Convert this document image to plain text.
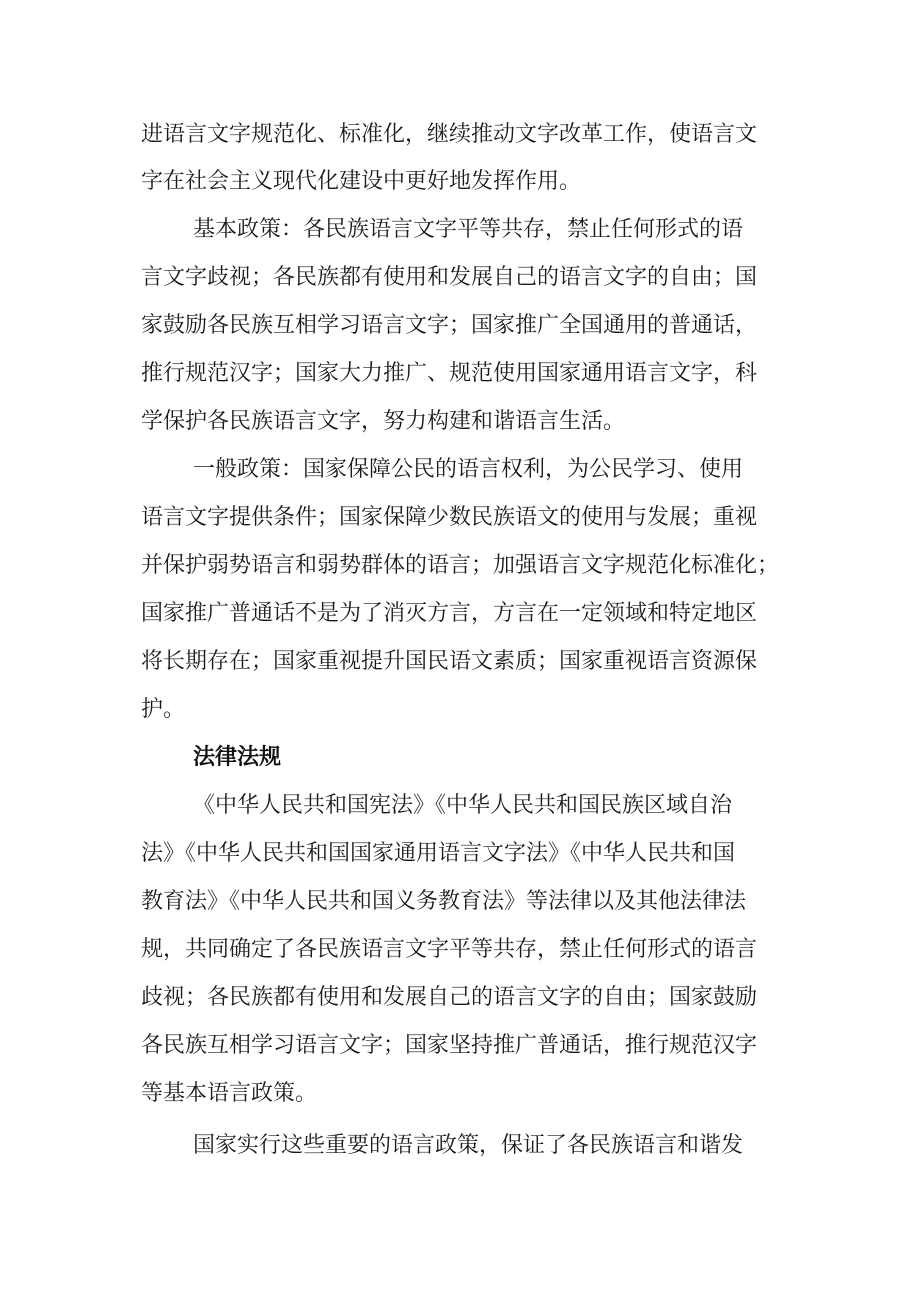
进语言文字规范化、标准化，继续推动文字改革工作，使语言文
字在社会主义现代化建设中更好地发挥作用。
基本政策：各民族语言文字平等共存，禁止任何形式的语
言文字歧视；各民族都有使用和发展自己的语言文字的自由；国
家鼓励各民族互相学习语言文字；国家推广全国通用的普通话，
推行规范汉字；国家大力推广、规范使用国家通用语言文字，科
学保护各民族语言文字，努力构建和谐语言生活。
一般政策：国家保障公民的语言权利，为公民学习、使用
语言文字提供条件；国家保障少数民族语文的使用与发展；重视
并保护弱势语言和弱势群体的语言；加强语言文字规范化标准化；
国家推广普通话不是为了消灭方言，方言在一定领域和特定地区
将长期存在；国家重视提升国民语文素质；国家重视语言资源保
护。
法律法规
《中华人民共和国宪法》《中华人民共和国民族区域自治
法》《中华人民共和国国家通用语言文字法》《中华人民共和国
教育法》《中华人民共和国义务教育法》等法律以及其他法律法
规，共同确定了各民族语言文字平等共存，禁止任何形式的语言
歧视；各民族都有使用和发展自己的语言文字的自由；国家鼓励
各民族互相学习语言文字；国家坚持推广普通话，推行规范汉字
等基本语言政策。
国家实行这些重要的语言政策，保证了各民族语言和谐发
